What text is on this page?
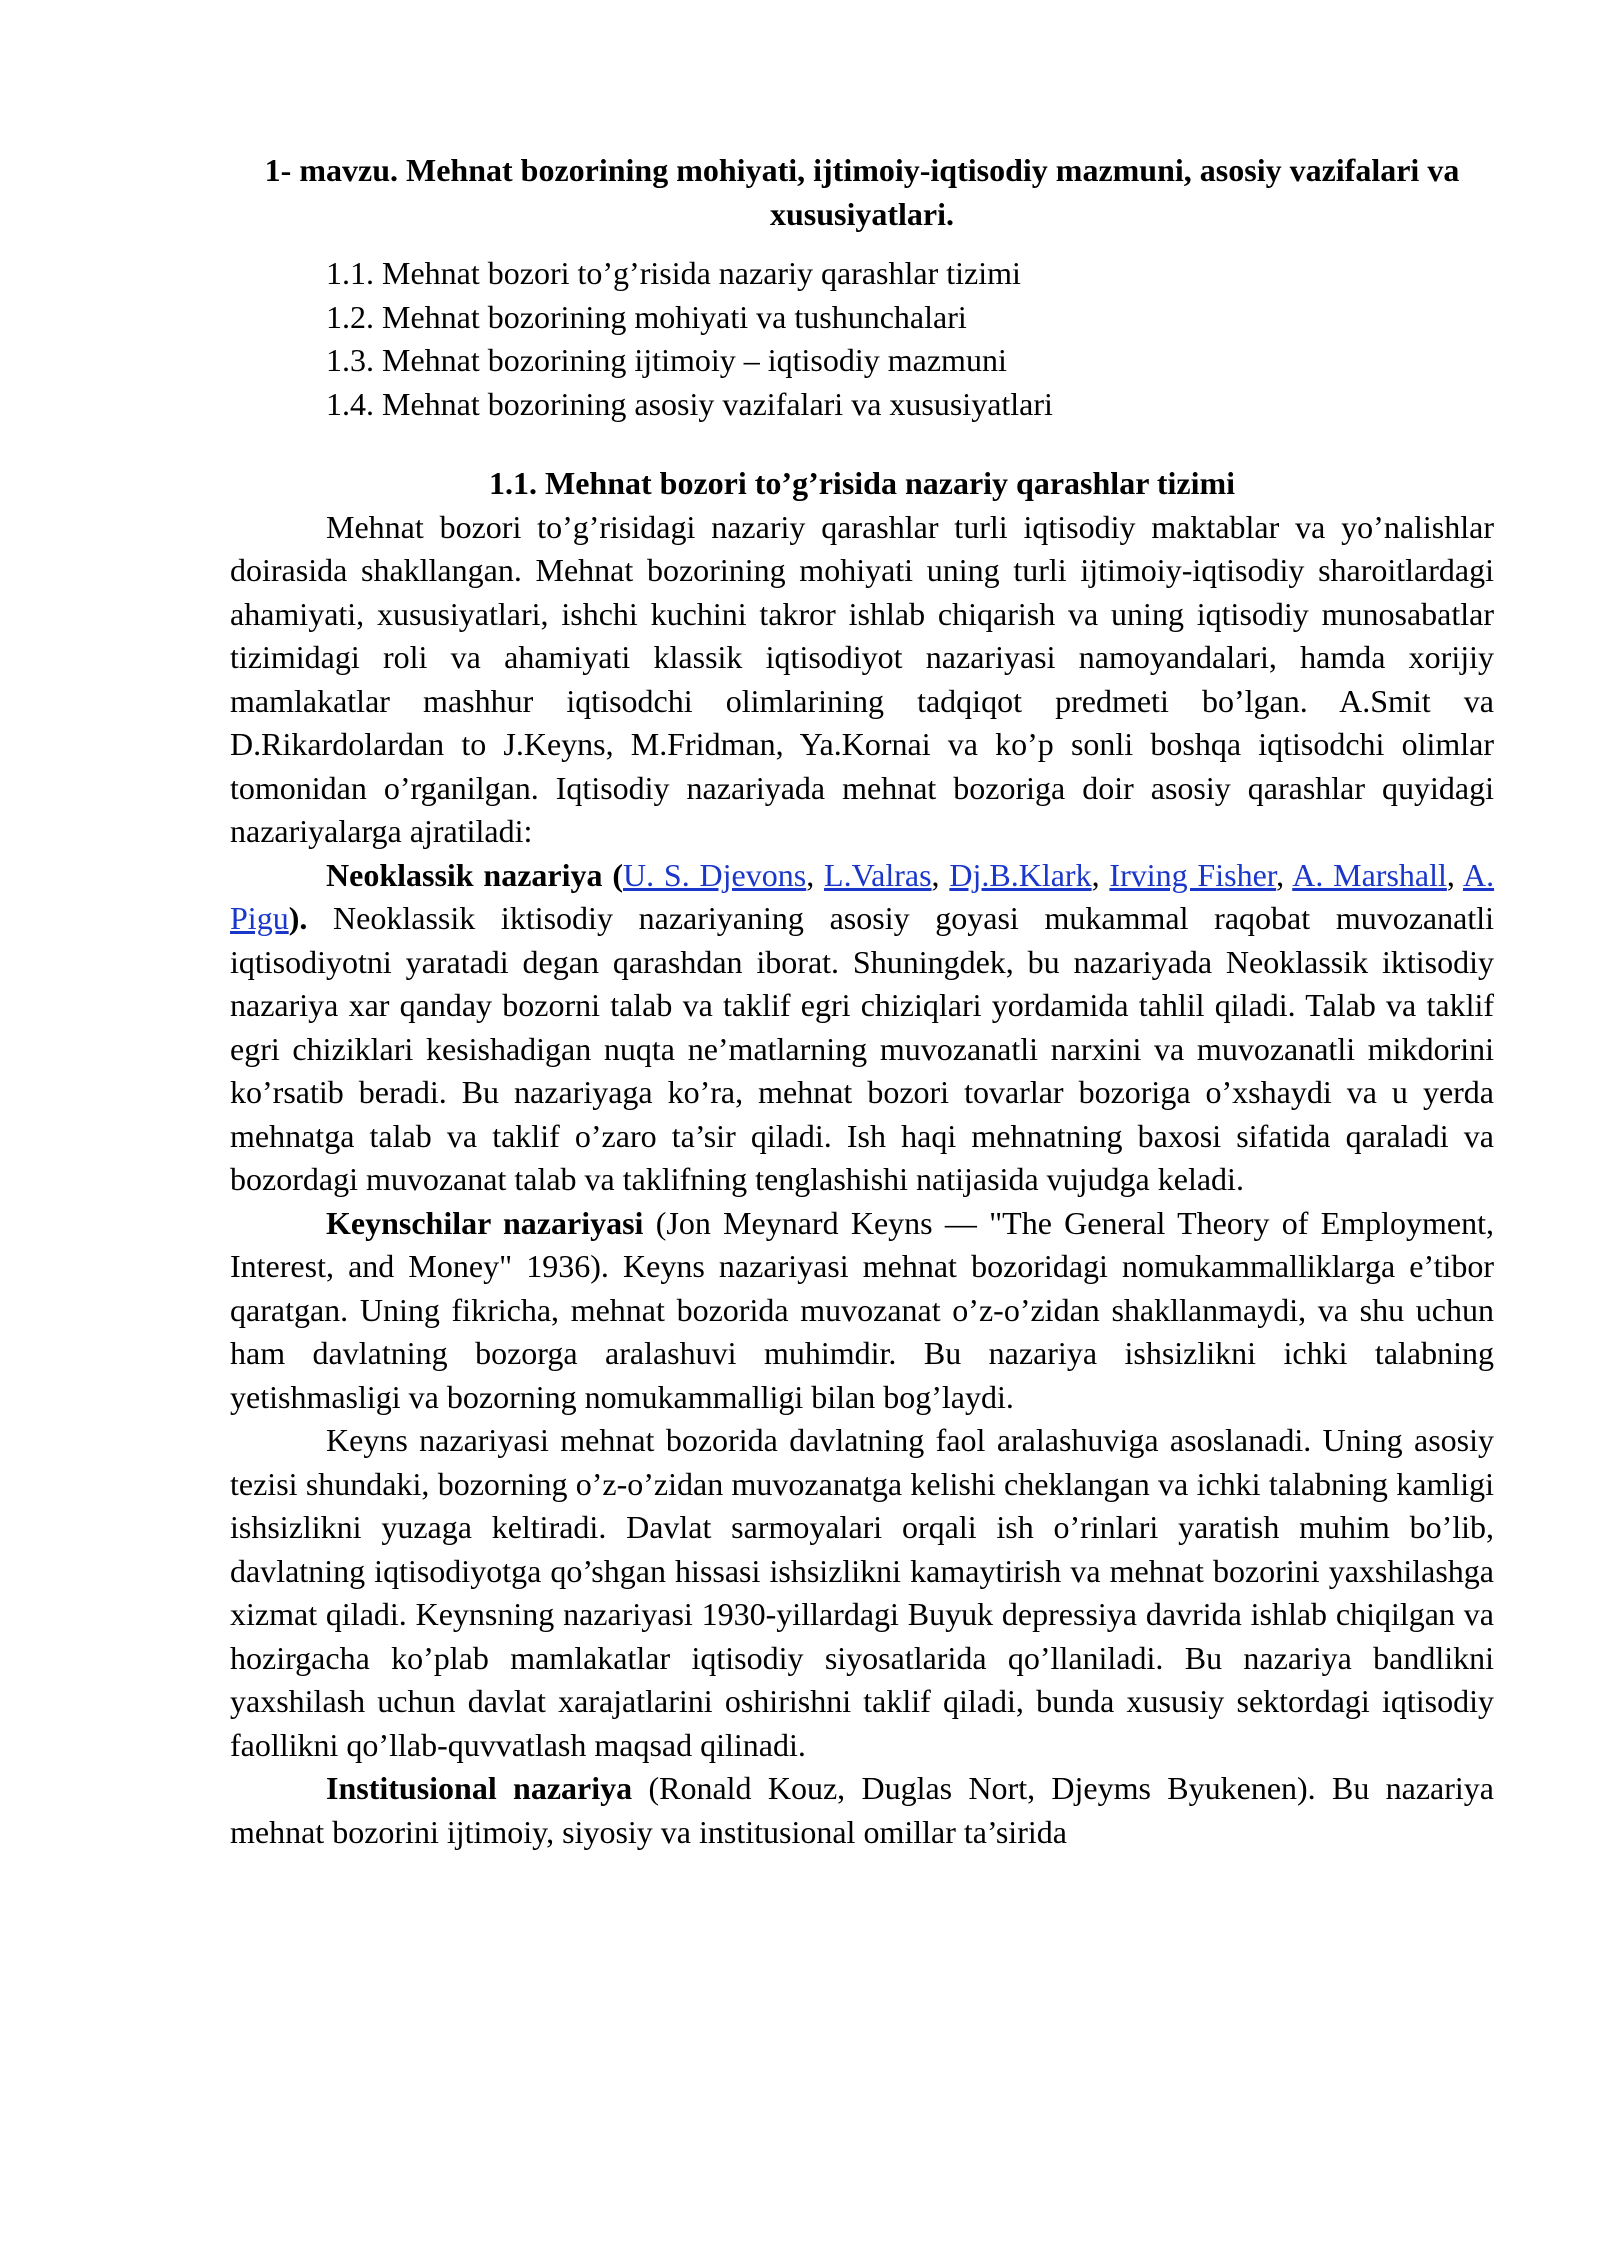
1- mavzu. Mehnat bozorining mohiyati, ijtimoiy-iqtisodiy mazmuni, asosiy vazifalari va xususiyatlari.
1.1. Mehnat bozori to’g’risida nazariy qarashlar tizimi
1.2. Mehnat bozorining mohiyati va tushunchalari
1.3. Mehnat bozorining ijtimoiy – iqtisodiy mazmuni
1.4. Mehnat bozorining asosiy vazifalari va xususiyatlari
1.1. Mehnat bozori to’g’risida nazariy qarashlar tizimi

Mehnat bozori to’g’risidagi nazariy qarashlar turli iqtisodiy maktablar va yo’nalishlar doirasida shakllangan. Mehnat bozorining mohiyati uning turli ijtimoiy-iqtisodiy sharoitlardagi ahamiyati, xususiyatlari, ishchi kuchini takror ishlab chiqarish va uning iqtisodiy munosabatlar tizimidagi roli va ahamiyati klassik iqtisodiyot nazariyasi namoyandalari, hamda xorijiy mamlakatlar mashhur iqtisodchi olimlarining tadqiqot predmeti bo’lgan. A.Smit va D.Rikardolardan to J.Keyns, M.Fridman, Ya.Kornai va ko’p sonli boshqa iqtisodchi olimlar tomonidan o’rganilgan. Iqtisodiy nazariyada mehnat bozoriga doir asosiy qarashlar quyidagi nazariyalarga ajratiladi:

Neoklassik nazariya (U. S. Djevons, L.Valras, Dj.B.Klark, Irving Fisher, A. Marshall, A. Pigu). Neoklassik iktisodiy nazariyaning asosiy goyasi mukammal raqobat muvozanatli iqtisodiyotni yaratadi degan qarashdan iborat. Shuningdek, bu nazariyada Neoklassik iktisodiy nazariya xar qanday bozorni talab va taklif egri chiziqlari yordamida tahlil qiladi. Talab va taklif egri chiziklari kesishadigan nuqta ne’matlarning muvozanatli narxini va muvozanatli mikdorini ko’rsatib beradi. Bu nazariyaga ko’ra, mehnat bozori tovarlar bozoriga o’xshaydi va u yerda mehnatga talab va taklif o’zaro ta’sir qiladi. Ish haqi mehnatning baxosi sifatida qaraladi va bozordagi muvozanat talab va taklifning tenglashishi natijasida vujudga keladi.

Keynschilar nazariyasi (Jon Meynard Keyns — "The General Theory of Employment, Interest, and Money" 1936). Keyns nazariyasi mehnat bozoridagi nomukammalliklarga e’tibor qaratgan. Uning fikricha, mehnat bozorida muvozanat o’z-o’zidan shakllanmaydi, va shu uchun ham davlatning bozorga aralashuvi muhimdir. Bu nazariya ishsizlikni ichki talabning yetishmasligi va bozorning nomukammalligi bilan bog’laydi.

Keyns nazariyasi mehnat bozorida davlatning faol aralashuviga asoslanadi. Uning asosiy tezisi shundaki, bozorning o’z-o’zidan muvozanatga kelishi cheklangan va ichki talabning kamligi ishsizlikni yuzaga keltiradi. Davlat sarmoyalari orqali ish o’rinlari yaratish muhim bo’lib, davlatning iqtisodiyotga qo’shgan hissasi ishsizlikni kamaytirish va mehnat bozorini yaxshilashga xizmat qiladi. Keynsning nazariyasi 1930-yillardagi Buyuk depressiya davrida ishlab chiqilgan va hozirgacha ko’plab mamlakatlar iqtisodiy siyosatlarida qo’llaniladi. Bu nazariya bandlikni yaxshilash uchun davlat xarajatlarini oshirishni taklif qiladi, bunda xususiy sektordagi iqtisodiy faollikni qo’llab-quvvatlash maqsad qilinadi.

Institusional nazariya (Ronald Kouz, Duglas Nort, Djeyms Byukenen). Bu nazariya mehnat bozorini ijtimoiy, siyosiy va institusional omillar ta’sirida
